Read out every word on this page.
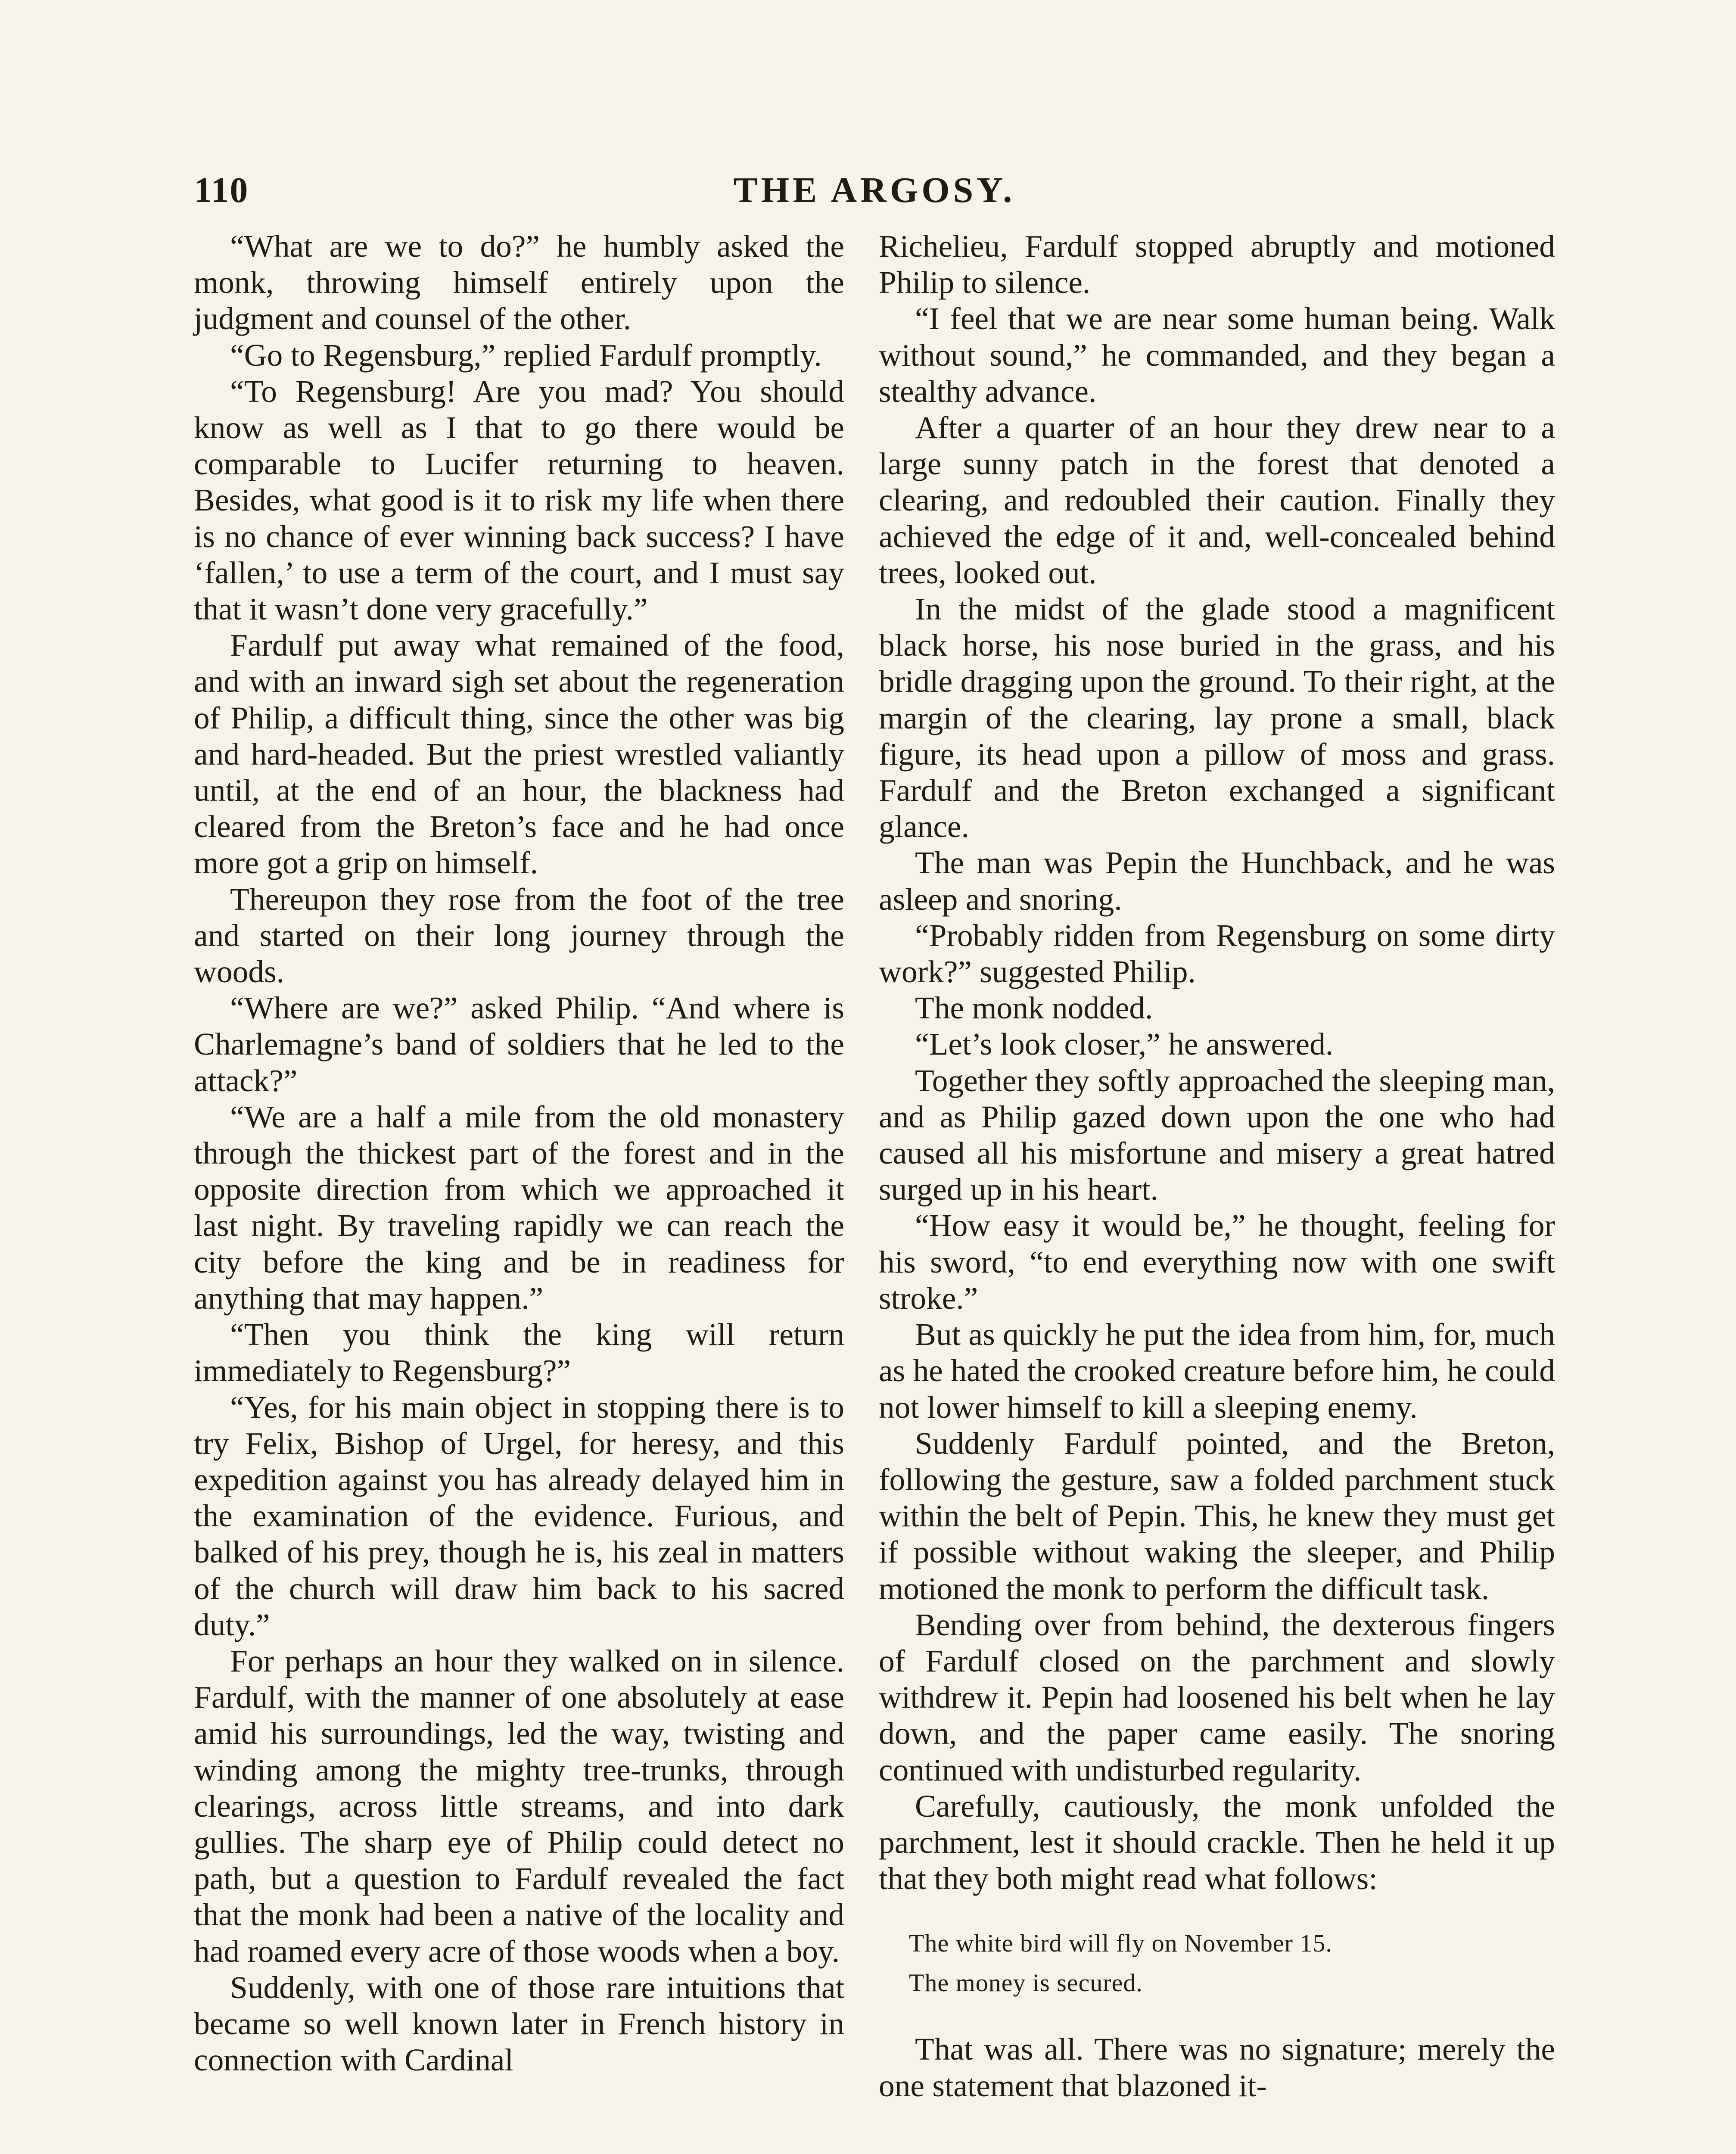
110	THE ARGOSY.

“What are we to do?” he humbly asked the monk, throwing himself entirely upon the judgment and counsel of the other.

“Go to Regensburg,” replied Fardulf promptly.

“To Regensburg! Are you mad? You should know as well as I that to go there would be comparable to Lucifer returning to heaven. Besides, what good is it to risk my life when there is no chance of ever winning back success? I have ‘fallen,’ to use a term of the court, and I must say that it wasn’t done very gracefully.”

Fardulf put away what remained of the food, and with an inward sigh set about the regeneration of Philip, a difficult thing, since the other was big and hard-headed. But the priest wrestled valiantly until, at the end of an hour, the blackness had cleared from the Breton’s face and he had once more got a grip on himself.

Thereupon they rose from the foot of the tree and started on their long journey through the woods.

“Where are we?” asked Philip. “And where is Charlemagne’s band of soldiers that he led to the attack?”

“We are a half a mile from the old monastery through the thickest part of the forest and in the opposite direction from which we approached it last night. By traveling rapidly we can reach the city before the king and be in readiness for anything that may happen.”

“Then you think the king will return immediately to Regensburg?”

“Yes, for his main object in stopping there is to try Felix, Bishop of Urgel, for heresy, and this expedition against you has already delayed him in the examination of the evidence. Furious, and balked of his prey, though he is, his zeal in matters of the church will draw him back to his sacred duty.”

For perhaps an hour they walked on in silence. Fardulf, with the manner of one absolutely at ease amid his surroundings, led the way, twisting and winding among the mighty tree-trunks, through clearings, across little streams, and into dark gullies. The sharp eye of Philip could detect no path, but a question to Fardulf revealed the fact that the monk had been a native of the locality and had roamed every acre of those woods when a boy.

Suddenly, with one of those rare intuitions that became so well known later in French history in connection with Cardinal

Richelieu, Fardulf stopped abruptly and motioned Philip to silence.

“I feel that we are near some human being. Walk without sound,” he commanded, and they began a stealthy advance.

After a quarter of an hour they drew near to a large sunny patch in the forest that denoted a clearing, and redoubled their caution. Finally they achieved the edge of it and, well-concealed behind trees, looked out.

In the midst of the glade stood a magnificent black horse, his nose buried in the grass, and his bridle dragging upon the ground. To their right, at the margin of the clearing, lay prone a small, black figure, its head upon a pillow of moss and grass. Fardulf and the Breton exchanged a significant glance.

The man was Pepin the Hunchback, and he was asleep and snoring.

“Probably ridden from Regensburg on some dirty work?” suggested Philip.

The monk nodded.

“Let’s look closer,” he answered.

Together they softly approached the sleeping man, and as Philip gazed down upon the one who had caused all his misfortune and misery a great hatred surged up in his heart.

“How easy it would be,” he thought, feeling for his sword, “to end everything now with one swift stroke.”

But as quickly he put the idea from him, for, much as he hated the crooked creature before him, he could not lower himself to kill a sleeping enemy.

Suddenly Fardulf pointed, and the Breton, following the gesture, saw a folded parchment stuck within the belt of Pepin. This, he knew they must get if possible without waking the sleeper, and Philip motioned the monk to perform the difficult task.

Bending over from behind, the dexterous fingers of Fardulf closed on the parchment and slowly withdrew it. Pepin had loosened his belt when he lay down, and the paper came easily. The snoring continued with undisturbed regularity.

Carefully, cautiously, the monk unfolded the parchment, lest it should crackle. Then he held it up that they both might read what follows:

The white bird will fly on November 15.
The money is secured.

That was all. There was no signature; merely the one statement that blazoned it-
